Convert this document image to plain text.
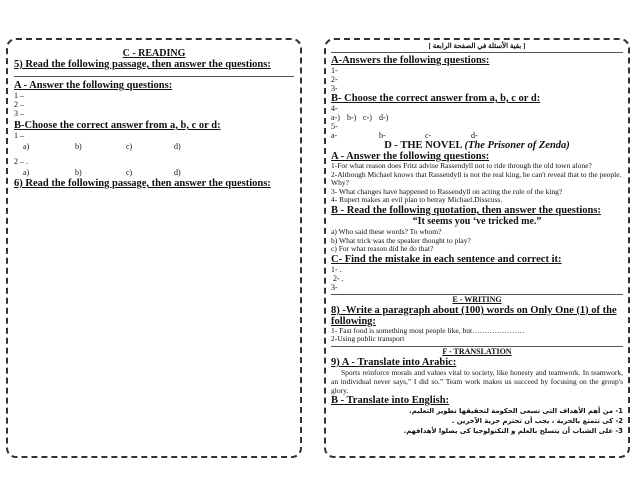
C - READING
5) Read the following passage, then answer the questions:
A - Answer the following questions:
1 –
2 –
3 –
B-Choose the correct answer from a, b, c or d:
1 –
a)	b)	c)	d)
2 – .
a)	b)	c)	d)
6) Read the following passage, then answer the questions:
[ بقية الأسئلة في الصفحة الرابعة ]
A-Answers the following questions:
1-
2-
3-
B- Choose the correct answer from a, b, c or d:
4-
a-) b-) c-) d-)
5-
a-	b-	c-	d-
D - THE NOVEL (The Prisoner of Zenda)
A - Answer the following questions:
1-For what reason does Fritz advise Rassendyll not to ride through the old town alone?
2-Although Michael knows that Rassendyll is not the real king, he can't reveal that to the people. Why?
3- What changes have happened to Rassendyll on acting the rule of the king?
4- Rupert makes an evil plan to betray Michael.Disscuss.
B - Read the following quotation, then answer the questions:
“It seems you ‘ve tricked me.”
a) Who said these words? To whom?
b) What trick was the speaker thought to play?
c) For what reason did he do that?
C- Find the mistake in each sentence and correct it:
1- .
2- .
3-
E - WRITING
8) -Write a paragraph about (100) words on Only One (1) of the following:
1- Fast food is something most people like, but…………………
2-Using public transport
F - TRANSLATION
9) A - Translate into Arabic:
Sports reinforce morals and values vital to society, like honesty and teamwork. In teamwork, an individual never says,” I did so.” Team work makes us succeed by focusing on the group's glory.
B - Translate into English:
1- من أهم الأهداف التى تسعى الحكومة لتحقيقها تطوير التعليم.
2- كى تتمتع بالحرية ، يجب أن تحترم حرية الآخرين .
3- على الشباب أن يتسلح بالعلم و التكنولوجيا كى يصلوا لأهدافهم.
